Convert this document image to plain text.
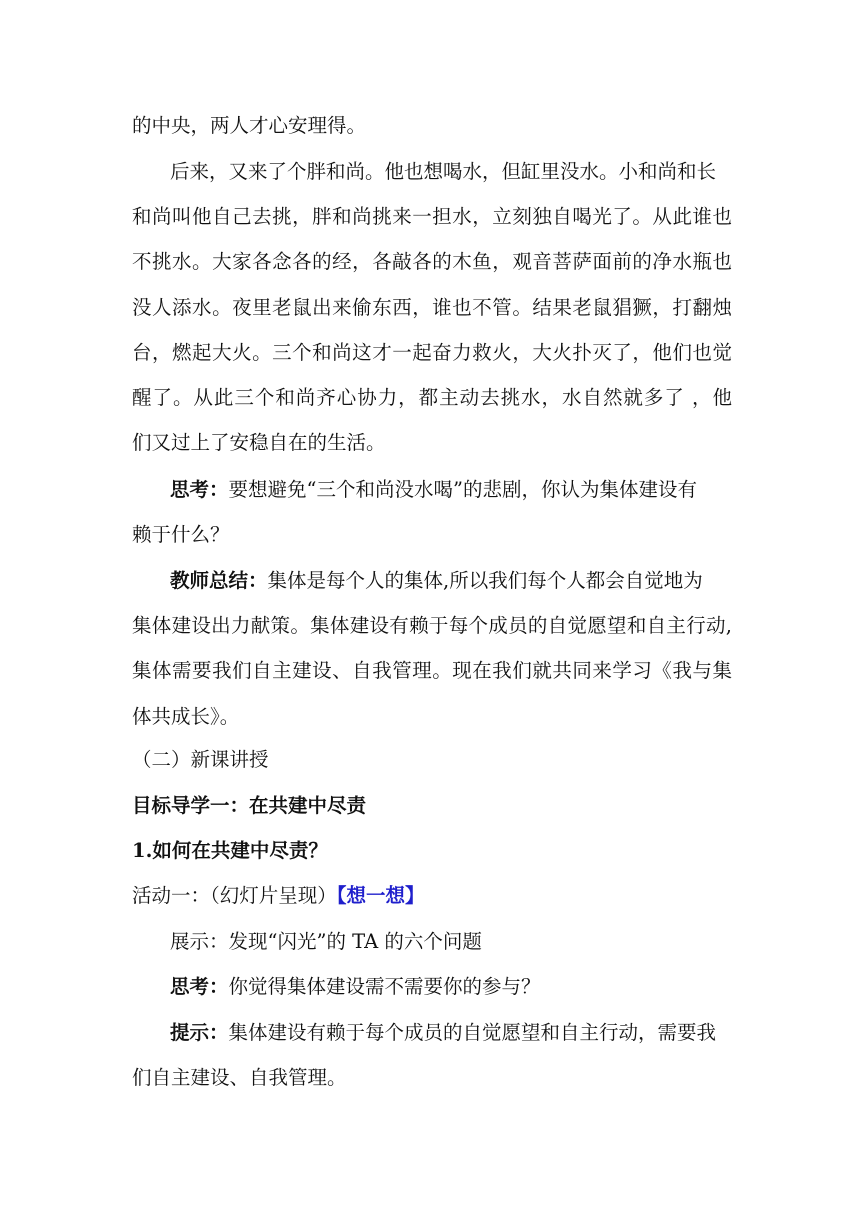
的中央，两人才心安理得。
后来，又来了个胖和尚。他也想喝水，但缸里没水。小和尚和长
和尚叫他自己去挑，胖和尚挑来一担水，立刻独自喝光了。从此谁也
不挑水。大家各念各的经，各敲各的木鱼，观音菩萨面前的净水瓶也
没人添水。夜里老鼠出来偷东西，谁也不管。结果老鼠猖獗，打翻烛
台，燃起大火。三个和尚这才一起奋力救火，大火扑灭了，他们也觉
醒了。从此三个和尚齐心协力，都主动去挑水，水自然就多了 ，他
们又过上了安稳自在的生活。
思考：要想避免“三个和尚没水喝”的悲剧，你认为集体建设有
赖于什么？
教师总结：集体是每个人的集体,所以我们每个人都会自觉地为
集体建设出力献策。集体建设有赖于每个成员的自觉愿望和自主行动,
集体需要我们自主建设、自我管理。现在我们就共同来学习《我与集
体共成长》。
（二）新课讲授
目标导学一：在共建中尽责
1.如何在共建中尽责？
活动一：（幻灯片呈现）【想一想】
展示：发现“闪光”的 TA 的六个问题
思考：你觉得集体建设需不需要你的参与？
提示：集体建设有赖于每个成员的自觉愿望和自主行动，需要我
们自主建设、自我管理。
